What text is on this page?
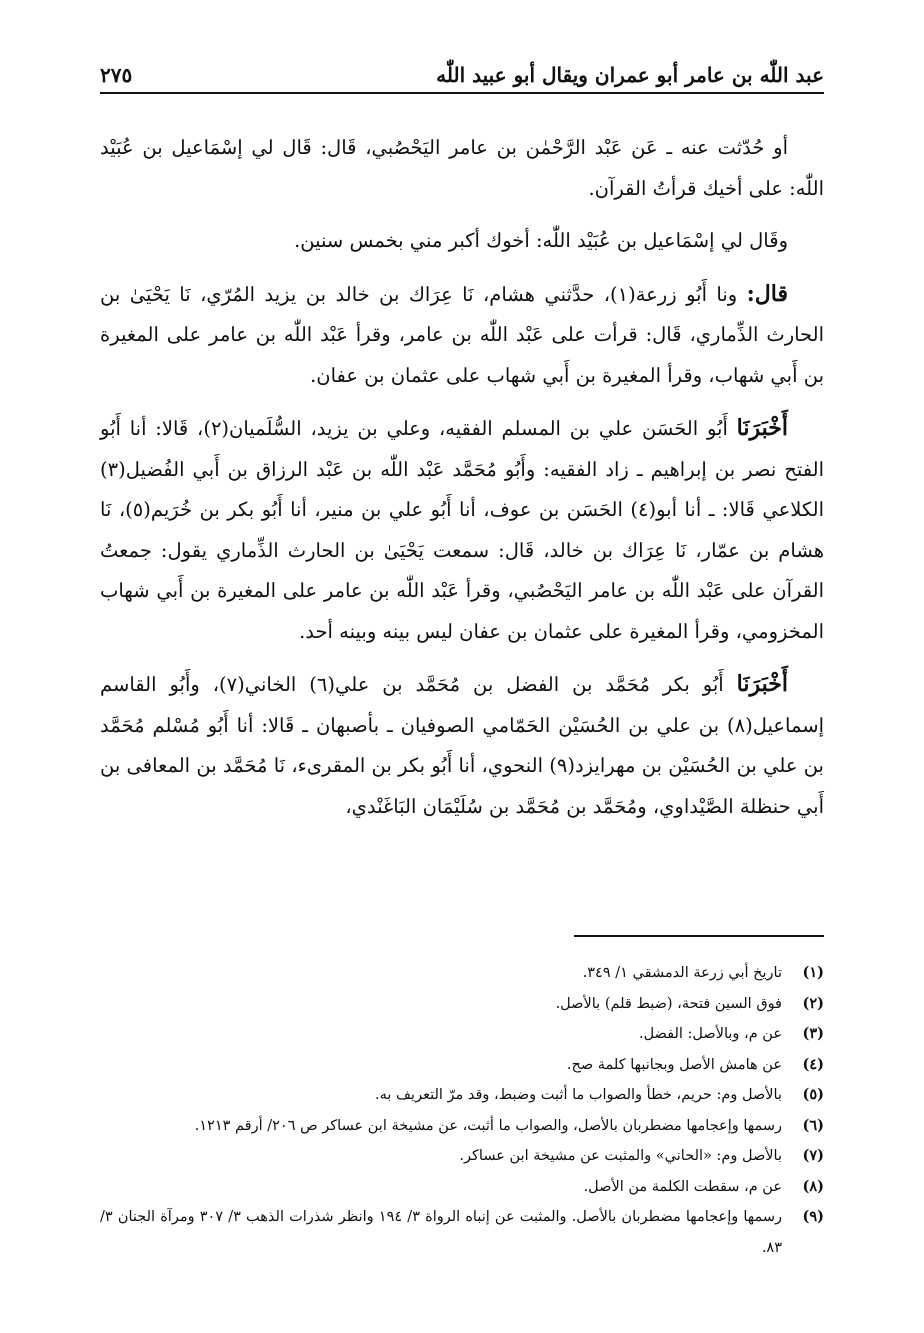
عبد اللّٰه بن عامر أبو عمران ويقال أبو عبيد اللّٰه
٢٧٥

أو حُدّثت عنه ـ عَن عَبْد الرَّحْمٰن بن عامر اليَحْصُبي، قَال: قَال لي إسْمَاعيل بن عُبَيْد اللّٰه: على أخيك قرأتُ القرآن.

وقَال لي إسْمَاعيل بن عُبَيْد اللّٰه: أخوك أكبر مني بخمس سنين.

قال: ونا أَبُو زرعة(١)، حدَّثني هشام، نَا عِرَاك بن خالد بن يزيد المُرّي، نَا يَحْيَىٰ بن الحارث الذِّماري، قَال: قرأت على عَبْد اللّٰه بن عامر، وقرأ عَبْد اللّٰه بن عامر على المغيرة بن أَبي شهاب، وقرأ المغيرة بن أَبي شهاب على عثمان بن عفان.

أَخْبَرَنَا أَبُو الحَسَن علي بن المسلم الفقيه، وعلي بن يزيد، السُّلَميان(٢)، قَالا: أنا أَبُو الفتح نصر بن إبراهيم ـ زاد الفقيه: وأَبُو مُحَمَّد عَبْد اللّٰه بن عَبْد الرزاق بن أَبي الفُضيل(٣) الكلاعي قَالا: ـ أنا أبو(٤) الحَسَن بن عوف، أنا أَبُو علي بن منير، أنا أَبُو بكر بن خُرَيم(٥)، نَا هشام بن عمّار، نَا عِرَاك بن خالد، قَال: سمعت يَحْيَىٰ بن الحارث الذِّماري يقول: جمعتُ القرآن على عَبْد اللّٰه بن عامر اليَحْصُبي، وقرأ عَبْد اللّٰه بن عامر على المغيرة بن أَبي شهاب المخزومي، وقرأ المغيرة على عثمان بن عفان ليس بينه وبينه أحد.

أَخْبَرَنَا أَبُو بكر مُحَمَّد بن الفضل بن مُحَمَّد بن علي(٦) الخاني(٧)، وأَبُو القاسم إسماعيل(٨) بن علي بن الحُسَيْن الحَمّامي الصوفيان ـ بأصبهان ـ قَالا: أنا أَبُو مُسْلم مُحَمَّد بن علي بن الحُسَيْن بن مهرايزد(٩) النحوي، أنا أَبُو بكر بن المقرىء، نَا مُحَمَّد بن المعافى بن أَبي حنظلة الصَّيْداوي، ومُحَمَّد بن مُحَمَّد بن سُلَيْمَان البَاغَنْدي،

(١)
تاريخ أبي زرعة الدمشقي ١/ ٣٤٩.
(٢)
فوق السين فتحة، (ضبط قلم) بالأصل.
(٣)
عن م، وبالأصل: الفضل.
(٤)
عن هامش الأصل وبجانبها كلمة صح.
(٥)
بالأصل وم: حريم، خطأ والصواب ما أثبت وضبط، وقد مرّ التعريف به.
(٦)
رسمها وإعجامها مضطربان بالأصل، والصواب ما أثبت، عن مشيخة ابن عساكر ص ٢٠٦/ أرقم ١٢١٣.
(٧)
بالأصل وم: «الحاني» والمثبت عن مشيخة ابن عساكر.
(٨)
عن م، سقطت الكلمة من الأصل.
(٩)
رسمها وإعجامها مضطربان بالأصل. والمثبت عن إنباه الرواة ٣/ ١٩٤ وانظر شذرات الذهب ٣/ ٣٠٧ ومرآة الجنان ٣/ ٨٣.
